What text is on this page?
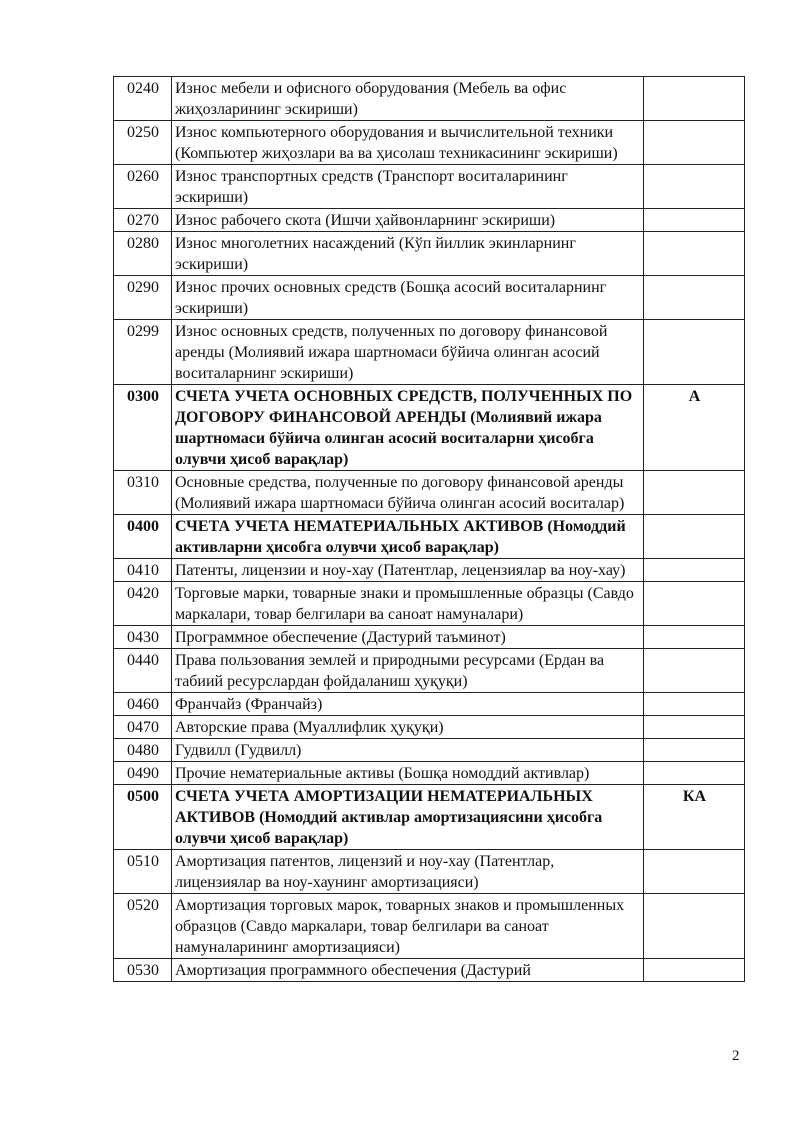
0240	Износ мебели и офисного оборудования (Мебель ва офис жиҳозларининг эскириши)	
0250	Износ компьютерного оборудования и вычислительной техники (Компьютер жиҳозлари ва ва ҳисолаш техникасининг эскириши)	
0260	Износ транспортных средств (Транспорт воситаларининг эскириши)	
0270	Износ рабочего скота (Ишчи ҳайвонларнинг эскириши)	
0280	Износ многолетних насаждений (Кўп йиллик экинларнинг эскириши)	
0290	Износ прочих основных средств (Бошқа асосий воситаларнинг эскириши)	
0299	Износ основных средств, полученных по договору финансовой аренды (Молиявий ижара шартномаси бўйича олинган асосий воситаларнинг эскириши)	
0300	СЧЕТА УЧЕТА ОСНОВНЫХ СРЕДСТВ, ПОЛУЧЕННЫХ ПО ДОГОВОРУ ФИНАНСОВОЙ АРЕНДЫ (Молиявий ижара шартномаси бўйича олинган асосий воситаларни ҳисобга олувчи ҳисоб варақлар)	А
0310	Основные средства, полученные по договору финансовой аренды (Молиявий ижара шартномаси бўйича олинган асосий воситалар)	
0400	СЧЕТА УЧЕТА НЕМАТЕРИАЛЬНЫХ АКТИВОВ (Номоддий активларни ҳисобга олувчи ҳисоб варақлар)	
0410	Патенты, лицензии и ноу-хау (Патентлар, лецензиялар ва ноу-хау)	
0420	Торговые марки, товарные знаки и промышленные образцы (Савдо маркалари, товар белгилари ва саноат намуналари)	
0430	Программное обеспечение (Дастурий таъминот)	
0440	Права пользования землей и природными ресурсами (Ердан ва табиий ресурслардан фойдаланиш ҳуқуқи)	
0460	Франчайз (Франчайз)	
0470	Авторские права (Муаллифлик ҳуқуқи)	
0480	Гудвилл (Гудвилл)	
0490	Прочие нематериальные активы (Бошқа номоддий активлар)	
0500	СЧЕТА УЧЕТА АМОРТИЗАЦИИ НЕМАТЕРИАЛЬНЫХ АКТИВОВ (Номоддий активлар амортизациясини ҳисобга олувчи ҳисоб варақлар)	КА
0510	Амортизация патентов, лицензий и ноу-хау (Патентлар, лицензиялар ва ноу-хаунинг амортизацияси)	
0520	Амортизация торговых марок, товарных знаков и промышленных образцов (Савдо маркалари, товар белгилари ва саноат намуналарининг амортизацияси)	
0530	Амортизация программного обеспечения (Дастурий	
2
